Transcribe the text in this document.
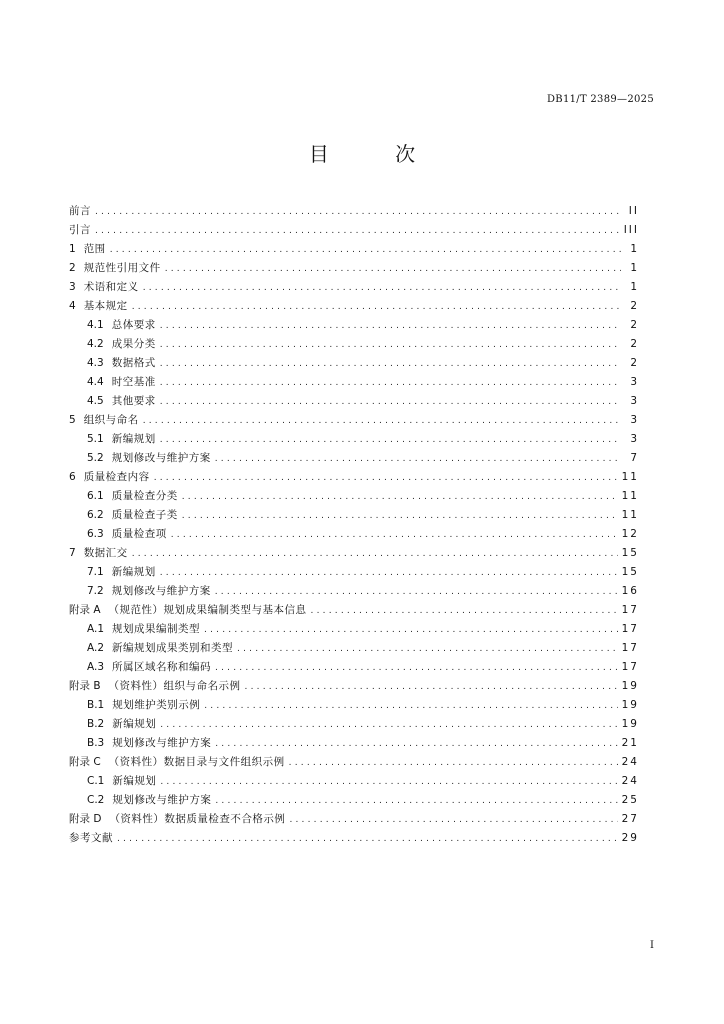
DB11/T 2389—2025
目 次
前言 .....	II
引言 .....	III
1 范围 .....	1
2 规范性引用文件 .....	1
3 术语和定义 .....	1
4 基本规定 .....	2
4.1 总体要求 .....	2
4.2 成果分类 .....	2
4.3 数据格式 .....	2
4.4 时空基准 .....	3
4.5 其他要求 .....	3
5 组织与命名 .....	3
5.1 新编规划 .....	3
5.2 规划修改与维护方案 .....	7
6 质量检查内容 .....	11
6.1 质量检查分类 .....	11
6.2 质量检查子类 .....	11
6.3 质量检查项 .....	12
7 数据汇交 .....	15
7.1 新编规划 .....	15
7.2 规划修改与维护方案 .....	16
附录 A （规范性）规划成果编制类型与基本信息 .....	17
A.1 规划成果编制类型 .....	17
A.2 新编规划成果类别和类型 .....	17
A.3 所属区域名称和编码 .....	17
附录 B （资料性）组织与命名示例 .....	19
B.1 规划维护类别示例 .....	19
B.2 新编规划 .....	19
B.3 规划修改与维护方案 .....	21
附录 C （资料性）数据目录与文件组织示例 .....	24
C.1 新编规划 .....	24
C.2 规划修改与维护方案 .....	25
附录 D （资料性）数据质量检查不合格示例 .....	27
参考文献 .....	29
I
